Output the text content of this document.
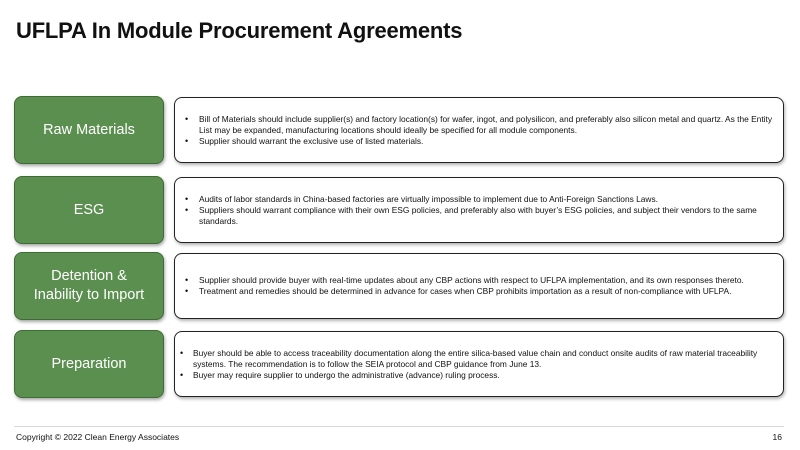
UFLPA In Module Procurement Agreements
Raw Materials
• Bill of Materials should include supplier(s) and factory location(s) for wafer, ingot, and polysilicon, and preferably also silicon metal and quartz. As the Entity List may be expanded, manufacturing locations should ideally be specified for all module components.
• Supplier should warrant the exclusive use of listed materials.
ESG
• Audits of labor standards in China-based factories are virtually impossible to implement due to Anti-Foreign Sanctions Laws.
• Suppliers should warrant compliance with their own ESG policies, and preferably also with buyer’s ESG policies, and subject their vendors to the same standards.
Detention &
Inability to Import
• Supplier should provide buyer with real-time updates about any CBP actions with respect to UFLPA implementation, and its own responses thereto.
• Treatment and remedies should be determined in advance for cases when CBP prohibits importation as a result of non-compliance with UFLPA.
Preparation
• Buyer should be able to access traceability documentation along the entire silica-based value chain and conduct onsite audits of raw material traceability systems. The recommendation is to follow the SEIA protocol and CBP guidance from June 13.
• Buyer may require supplier to undergo the administrative (advance) ruling process.
Copyright © 2022 Clean Energy Associates	16
